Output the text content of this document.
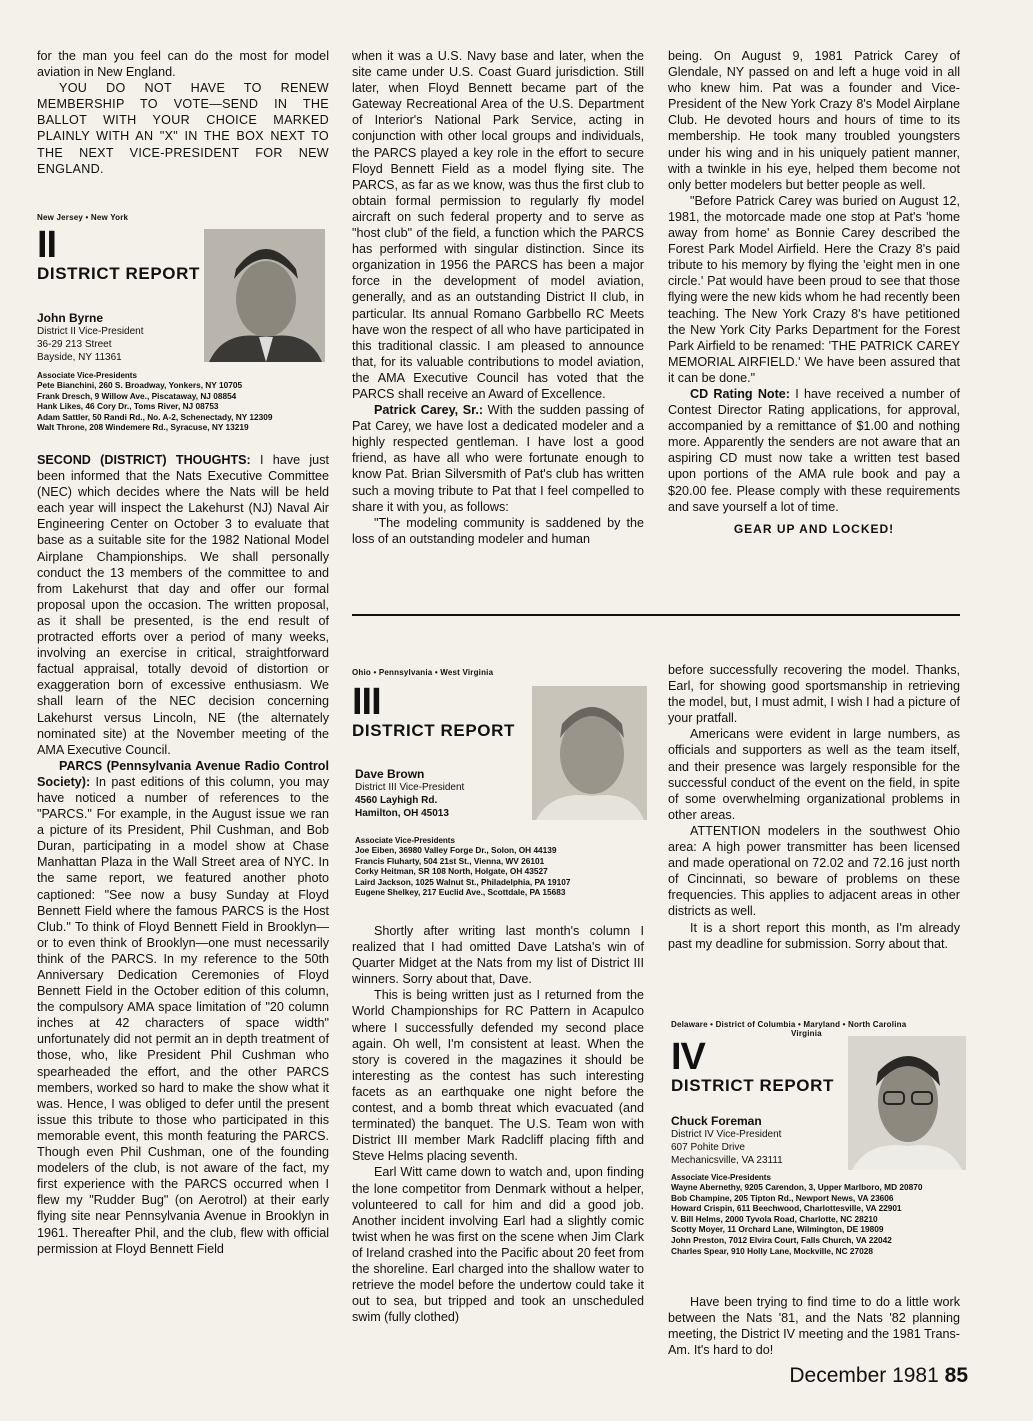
for the man you feel can do the most for model aviation in New England.

YOU DO NOT HAVE TO RENEW MEMBERSHIP TO VOTE—SEND IN THE BALLOT WITH YOUR CHOICE MARKED PLAINLY WITH AN "X" IN THE BOX NEXT TO THE NEXT VICE-PRESIDENT FOR NEW ENGLAND.

New Jersey • New York
II
DISTRICT REPORT
John Byrne
District II Vice-President
36-29 213 Street
Bayside, NY 11361
Associate Vice-Presidents
Pete Bianchini, 260 S. Broadway, Yonkers, NY 10705
Frank Dresch, 9 Willow Ave., Piscataway, NJ 08854
Hank Likes, 46 Cory Dr., Toms River, NJ 08753
Adam Sattler, 50 Randi Rd., No. A-2, Schenectady, NY 12309
Walt Throne, 208 Windemere Rd., Syracuse, NY 13219

SECOND (DISTRICT) THOUGHTS: I have just been informed that the Nats Executive Committee (NEC) which decides where the Nats will be held each year will inspect the Lakehurst (NJ) Naval Air Engineering Center on October 3 to evaluate that base as a suitable site for the 1982 National Model Airplane Championships. We shall personally conduct the 13 members of the committee to and from Lakehurst that day and offer our formal proposal upon the occasion. The written proposal, as it shall be presented, is the end result of protracted efforts over a period of many weeks, involving an exercise in critical, straightforward factual appraisal, totally devoid of distortion or exaggeration born of excessive enthusiasm. We shall learn of the NEC decision concerning Lakehurst versus Lincoln, NE (the alternately nominated site) at the November meeting of the AMA Executive Council.

PARCS (Pennsylvania Avenue Radio Control Society): In past editions of this column, you may have noticed a number of references to the "PARCS." For example, in the August issue we ran a picture of its President, Phil Cushman, and Bob Duran, participating in a model show at Chase Manhattan Plaza in the Wall Street area of NYC. In the same report, we featured another photo captioned: "See now a busy Sunday at Floyd Bennett Field where the famous PARCS is the Host Club." To think of Floyd Bennett Field in Brooklyn—or to even think of Brooklyn—one must necessarily think of the PARCS. In my reference to the 50th Anniversary Dedication Ceremonies of Floyd Bennett Field in the October edition of this column, the compulsory AMA space limitation of "20 column inches at 42 characters of space width" unfortunately did not permit an in depth treatment of those, who, like President Phil Cushman who spearheaded the effort, and the other PARCS members, worked so hard to make the show what it was. Hence, I was obliged to defer until the present issue this tribute to those who participated in this memorable event, this month featuring the PARCS. Though even Phil Cushman, one of the founding modelers of the club, is not aware of the fact, my first experience with the PARCS occurred when I flew my "Rudder Bug" (on Aerotrol) at their early flying site near Pennsylvania Avenue in Brooklyn in 1961. Thereafter Phil, and the club, flew with official permission at Floyd Bennett Field

when it was a U.S. Navy base and later, when the site came under U.S. Coast Guard jurisdiction. Still later, when Floyd Bennett became part of the Gateway Recreational Area of the U.S. Department of Interior's National Park Service, acting in conjunction with other local groups and individuals, the PARCS played a key role in the effort to secure Floyd Bennett Field as a model flying site. The PARCS, as far as we know, was thus the first club to obtain formal permission to regularly fly model aircraft on such federal property and to serve as "host club" of the field, a function which the PARCS has performed with singular distinction. Since its organization in 1956 the PARCS has been a major force in the development of model aviation, generally, and as an outstanding District II club, in particular. Its annual Romano Garbbello RC Meets have won the respect of all who have participated in this traditional classic. I am pleased to announce that, for its valuable contributions to model aviation, the AMA Executive Council has voted that the PARCS shall receive an Award of Excellence.

Patrick Carey, Sr.: With the sudden passing of Pat Carey, we have lost a dedicated modeler and a highly respected gentleman. I have lost a good friend, as have all who were fortunate enough to know Pat. Brian Silversmith of Pat's club has written such a moving tribute to Pat that I feel compelled to share it with you, as follows:

"The modeling community is saddened by the loss of an outstanding modeler and human

being. On August 9, 1981 Patrick Carey of Glendale, NY passed on and left a huge void in all who knew him. Pat was a founder and Vice-President of the New York Crazy 8's Model Airplane Club. He devoted hours and hours of time to its membership. He took many troubled youngsters under his wing and in his uniquely patient manner, with a twinkle in his eye, helped them become not only better modelers but better people as well.

"Before Patrick Carey was buried on August 12, 1981, the motorcade made one stop at Pat's 'home away from home' as Bonnie Carey described the Forest Park Model Airfield. Here the Crazy 8's paid tribute to his memory by flying the 'eight men in one circle.' Pat would have been proud to see that those flying were the new kids whom he had recently been teaching. The New York Crazy 8's have petitioned the New York City Parks Department for the Forest Park Airfield to be renamed: 'THE PATRICK CAREY MEMORIAL AIRFIELD.' We have been assured that it can be done."

CD Rating Note: I have received a number of Contest Director Rating applications, for approval, accompanied by a remittance of $1.00 and nothing more. Apparently the senders are not aware that an aspiring CD must now take a written test based upon portions of the AMA rule book and pay a $20.00 fee. Please comply with these requirements and save yourself a lot of time.

GEAR UP AND LOCKED!

Ohio • Pennsylvania • West Virginia
III
DISTRICT REPORT
Dave Brown
District III Vice-President
4560 Layhigh Rd.
Hamilton, OH 45013
Associate Vice-Presidents
Joe Eiben, 36980 Valley Forge Dr., Solon, OH 44139
Francis Fluharty, 504 21st St., Vienna, WV 26101
Corky Heitman, SR 108 North, Holgate, OH 43527
Laird Jackson, 1025 Walnut St., Philadelphia, PA 19107
Eugene Shelkey, 217 Euclid Ave., Scottdale, PA 15683

Shortly after writing last month's column I realized that I had omitted Dave Latsha's win of Quarter Midget at the Nats from my list of District III winners. Sorry about that, Dave.

This is being written just as I returned from the World Championships for RC Pattern in Acapulco where I successfully defended my second place again. Oh well, I'm consistent at least. When the story is covered in the magazines it should be interesting as the contest has such interesting facets as an earthquake one night before the contest, and a bomb threat which evacuated (and terminated) the banquet. The U.S. Team won with District III member Mark Radcliff placing fifth and Steve Helms placing seventh.

Earl Witt came down to watch and, upon finding the lone competitor from Denmark without a helper, volunteered to call for him and did a good job. Another incident involving Earl had a slightly comic twist when he was first on the scene when Jim Clark of Ireland crashed into the Pacific about 20 feet from the shoreline. Earl charged into the shallow water to retrieve the model before the undertow could take it out to sea, but tripped and took an unscheduled swim (fully clothed)

before successfully recovering the model. Thanks, Earl, for showing good sportsmanship in retrieving the model, but, I must admit, I wish I had a picture of your pratfall.

Americans were evident in large numbers, as officials and supporters as well as the team itself, and their presence was largely responsible for the successful conduct of the event on the field, in spite of some overwhelming organizational problems in other areas.

ATTENTION modelers in the southwest Ohio area: A high power transmitter has been licensed and made operational on 72.02 and 72.16 just north of Cincinnati, so beware of problems on these frequencies. This applies to adjacent areas in other districts as well.

It is a short report this month, as I'm already past my deadline for submission. Sorry about that.

Delaware • District of Columbia • Maryland • North Carolina
Virginia
IV
DISTRICT REPORT
Chuck Foreman
District IV Vice-President
607 Pohite Drive
Mechanicsville, VA 23111
Associate Vice-Presidents
Wayne Abernethy, 9205 Carendon, 3, Upper Marlboro, MD 20870
Bob Champine, 205 Tipton Rd., Newport News, VA 23606
Howard Crispin, 611 Beechwood, Charlottesville, VA 22901
V. Bill Helms, 2000 Tyvola Road, Charlotte, NC 28210
Scotty Moyer, 11 Orchard Lane, Wilmington, DE 19809
John Preston, 7012 Elvira Court, Falls Church, VA 22042
Charles Spear, 910 Holly Lane, Mockville, NC 27028

Have been trying to find time to do a little work between the Nats '81, and the Nats '82 planning meeting, the District IV meeting and the 1981 Trans-Am. It's hard to do!

December 1981 85
